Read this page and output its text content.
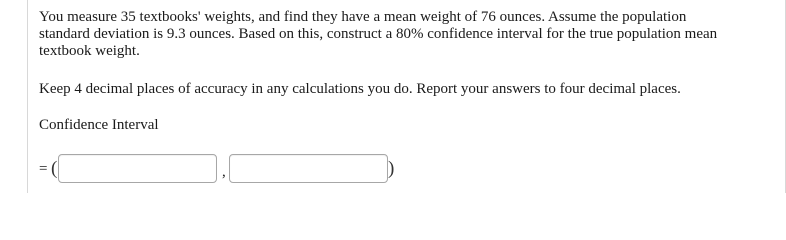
You measure 35 textbooks' weights, and find they have a mean weight of 76 ounces. Assume the population standard deviation is 9.3 ounces. Based on this, construct a 80% confidence interval for the true population mean textbook weight.
Keep 4 decimal places of accuracy in any calculations you do. Report your answers to four decimal places.
Confidence Interval
= (	,	)
